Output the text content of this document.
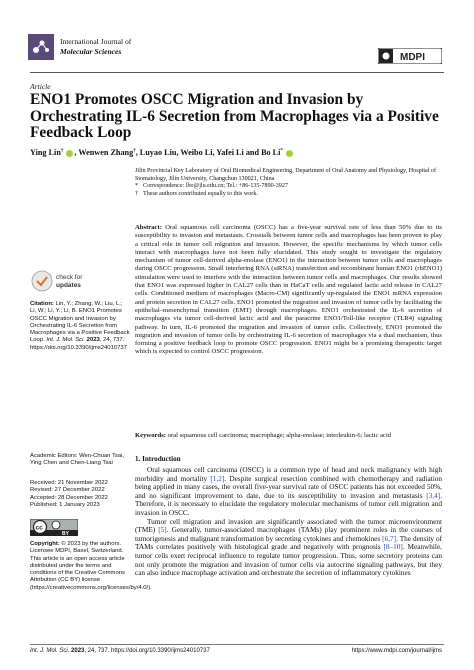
International Journal of
Molecular Sciences
MDPI
Article
ENO1 Promotes OSCC Migration and Invasion by Orchestrating IL-6 Secretion from Macrophages via a Positive Feedback Loop
Ying Lin† , Wenwen Zhang†, Luyao Liu, Weibo Li, Yafei Li and Bo Li*

Jilin Provincial Key Laboratory of Oral Biomedical Engineering, Department of Oral Anatomy and Physiology, Hospital of Stomatology, Jilin University, Changchun 130021, China

* Correspondence: lbo@jlu.edu.cn; Tel.: +86-135-7890-3927

† These authors contributed equally to this work.

Abstract: Oral squamous cell carcinoma (OSCC) has a five-year survival rate of less than 50% due to its susceptibility to invasion and metastasis. Crosstalk between tumor cells and macrophages has been proven to play a critical role in tumor cell migration and invasion. However, the specific mechanisms by which tumor cells interact with macrophages have not been fully elucidated. This study sought to investigate the regulatory mechanism of tumor cell-derived alpha-enolase (ENO1) in the interaction between tumor cells and macrophages during OSCC progression. Small interfering RNA (siRNA) transfection and recombinant human ENO1 (rhENO1) stimulation were used to interfere with the interaction between tumor cells and macrophages. Our results showed that ENO1 was expressed higher in CAL27 cells than in HaCaT cells and regulated lactic acid release in CAL27 cells. Conditioned medium of macrophages (Macro-CM) significantly up-regulated the ENO1 mRNA expression and protein secretion in CAL27 cells. ENO1 promoted the migration and invasion of tumor cells by facilitating the epithelial–mesenchymal transition (EMT) through macrophages. ENO1 orchestrated the IL-6 secretion of macrophages via tumor cell-derived lactic acid and the paracrine ENO1/Toll-like receptor (TLR4) signaling pathway. In turn, IL-6 promoted the migration and invasion of tumor cells. Collectively, ENO1 promoted the migration and invasion of tumor cells by orchestrating IL-6 secretion of macrophages via a dual mechanism, thus forming a positive feedback loop to promote OSCC progression. ENO1 might be a promising therapeutic target which is expected to control OSCC progression.
Keywords: oral squamous cell carcinoma; macrophage; alpha-enolase; interleukin-6; lactic acid
1. Introduction

Oral squamous cell carcinoma (OSCC) is a common type of head and neck malignancy with high morbidity and mortality [1,2]. Despite surgical resection combined with chemotherapy and radiation being applied in many cases, the overall five-year survival rate of OSCC patients has not exceeded 50%, and no significant improvement to date, due to its susceptibility to invasion and metastasis [3,4]. Therefore, it is necessary to elucidate the regulatory molecular mechanisms of tumor cell migration and invasion in OSCC.

Tumor cell migration and invasion are significantly associated with the tumor microenvironment (TME) [5]. Generally, tumor-associated macrophages (TAMs) play prominent roles in the courses of tumorigenesis and malignant transformation by secreting cytokines and chemokines [6,7]. The density of TAMs correlates positively with histological grade and negatively with prognosis [8–10]. Meanwhile, tumor cells exert reciprocal influence to regulate tumor progression. Thus, some secretory proteins can not only promote the migration and invasion of tumor cells via autocrine signaling pathways, but they can also induce macrophage activation and orchestrate the secretion of inflammatory cytokines

check for
updates
Citation: Lin, Y.; Zhang, W.; Liu, L.; Li, W.; Li, Y.; Li, B. ENO1 Promotes OSCC Migration and Invasion by Orchestrating IL-6 Secretion from Macrophages via a Positive Feedback Loop. Int. J. Mol. Sci. 2023, 24, 737. https://doi.org/10.3390/ijms24010737
Academic Editors: Wen-Chuan Tsai,
Ying Chen and Chen-Liang Tsai
Received: 21 November 2022
Revised: 27 December 2022
Accepted: 28 December 2022
Published: 1 January 2023
cc
BY
Copyright: © 2023 by the authors. Licensee MDPI, Basel, Switzerland. This article is an open access article distributed under the terms and conditions of the Creative Commons Attribution (CC BY) license (https://creativecommons.org/licenses/by/4.0/).
Int. J. Mol. Sci. 2023, 24, 737. https://doi.org/10.3390/ijms24010737	https://www.mdpi.com/journal/ijms
